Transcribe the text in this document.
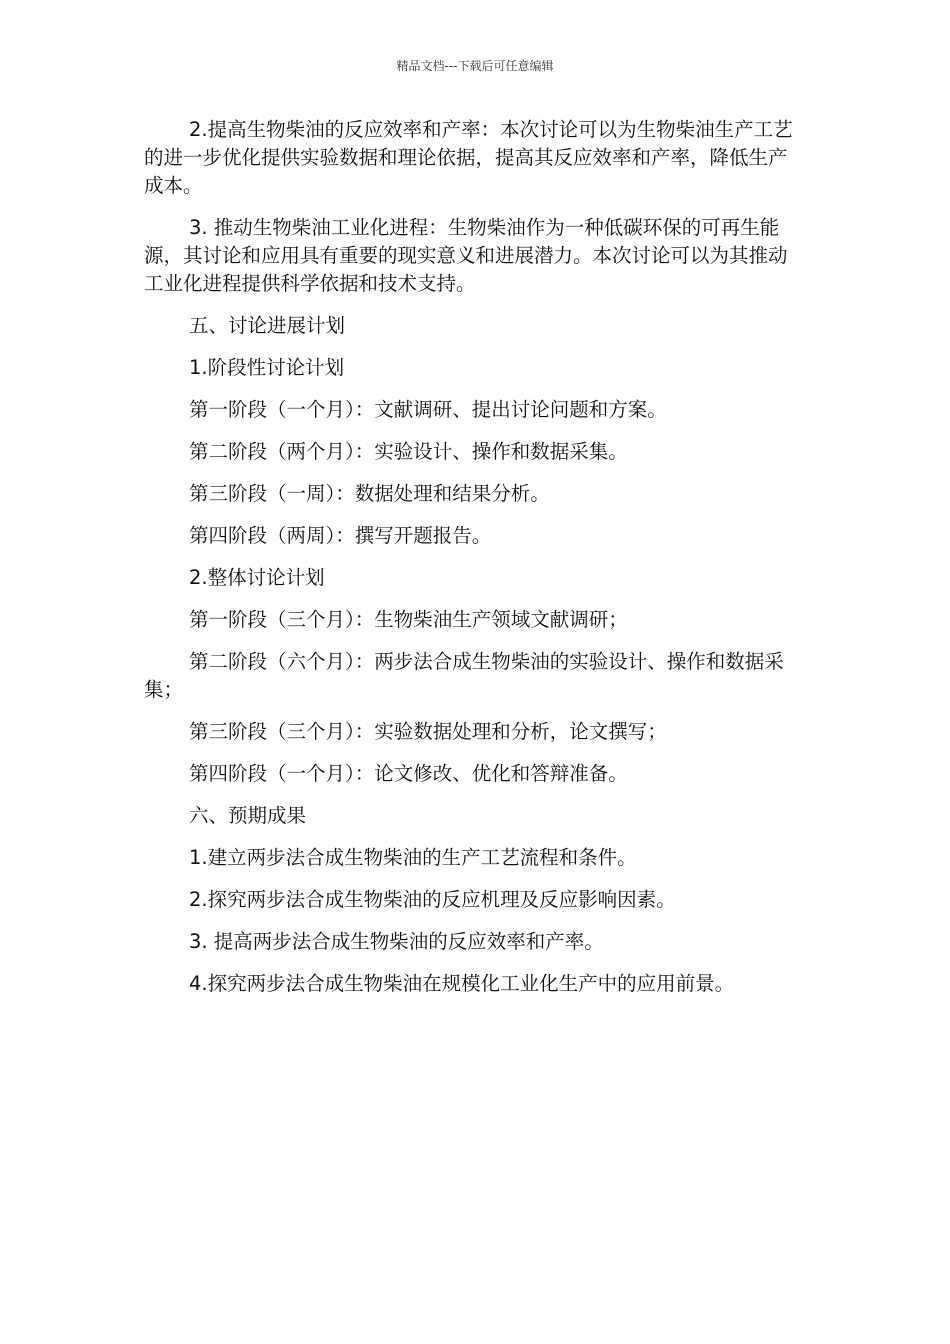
精品文档---下载后可任意编辑

2.提高生物柴油的反应效率和产率：本次讨论可以为生物柴油生产工艺的进一步优化提供实验数据和理论依据，提高其反应效率和产率，降低生产成本。

3. 推动生物柴油工业化进程：生物柴油作为一种低碳环保的可再生能源，其讨论和应用具有重要的现实意义和进展潜力。本次讨论可以为其推动工业化进程提供科学依据和技术支持。

五、讨论进展计划

1.阶段性讨论计划

第一阶段（一个月）：文献调研、提出讨论问题和方案。

第二阶段（两个月）：实验设计、操作和数据采集。

第三阶段（一周）：数据处理和结果分析。

第四阶段（两周）：撰写开题报告。

2.整体讨论计划

第一阶段（三个月）：生物柴油生产领域文献调研；

第二阶段（六个月）：两步法合成生物柴油的实验设计、操作和数据采集；

第三阶段（三个月）：实验数据处理和分析，论文撰写；

第四阶段（一个月）：论文修改、优化和答辩准备。

六、预期成果

1.建立两步法合成生物柴油的生产工艺流程和条件。

2.探究两步法合成生物柴油的反应机理及反应影响因素。

3. 提高两步法合成生物柴油的反应效率和产率。

4.探究两步法合成生物柴油在规模化工业化生产中的应用前景。
